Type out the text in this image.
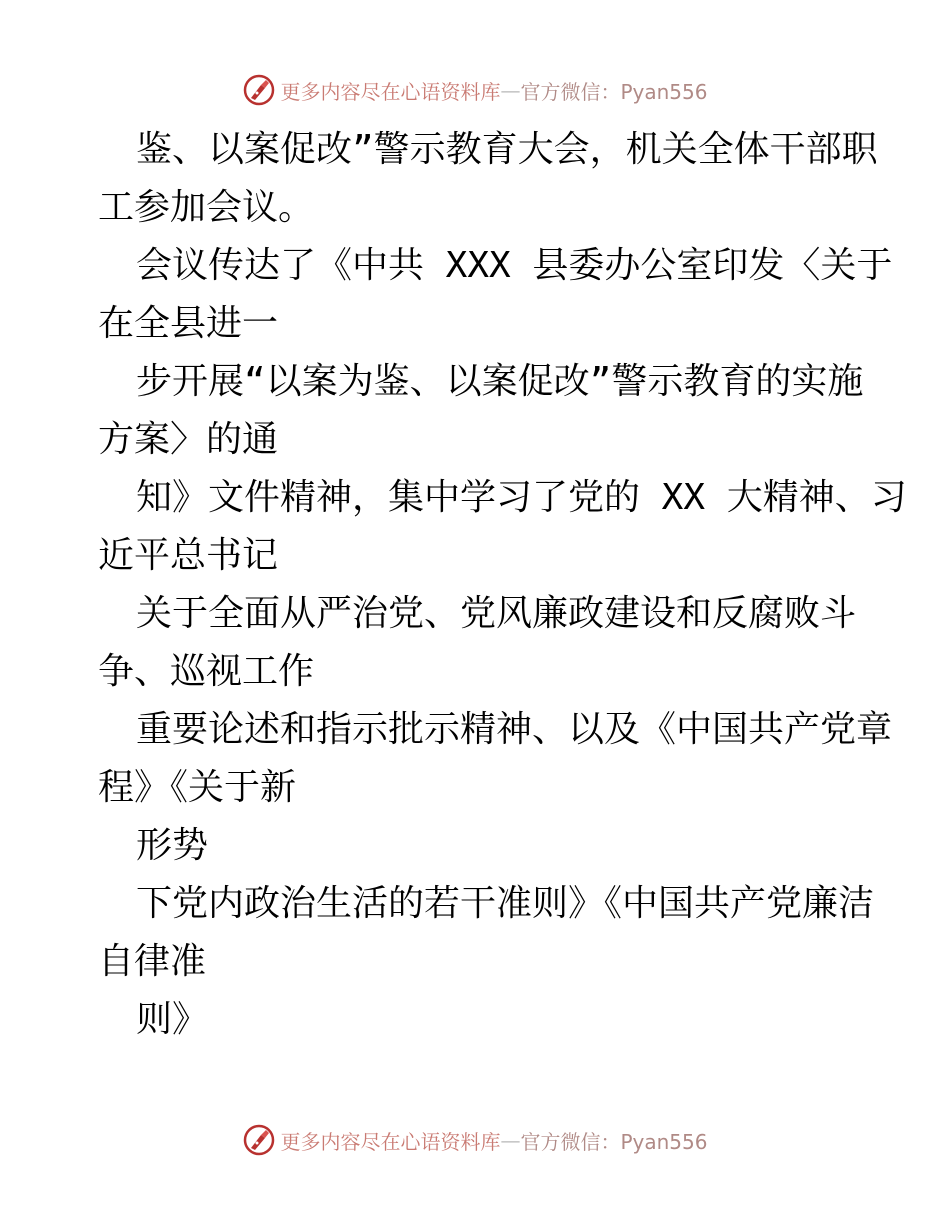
更多内容尽在心语资料库 — 官方微信：Pyan556
鉴、以案促改”警示教育大会，机关全体干部职
工参加会议。
会议传达了《中共 XXX 县委办公室印发〈关于
在全县进一
步开展“以案为鉴、以案促改”警示教育的实施
方案〉的通
知》文件精神，集中学习了党的 XX 大精神、习
近平总书记
关于全面从严治党、党风廉政建设和反腐败斗
争、巡视工作
重要论述和指示批示精神、以及《中国共产党章
程》《关于新
形势
下党内政治生活的若干准则》《中国共产党廉洁
自律准
则》
更多内容尽在心语资料库 — 官方微信：Pyan556
